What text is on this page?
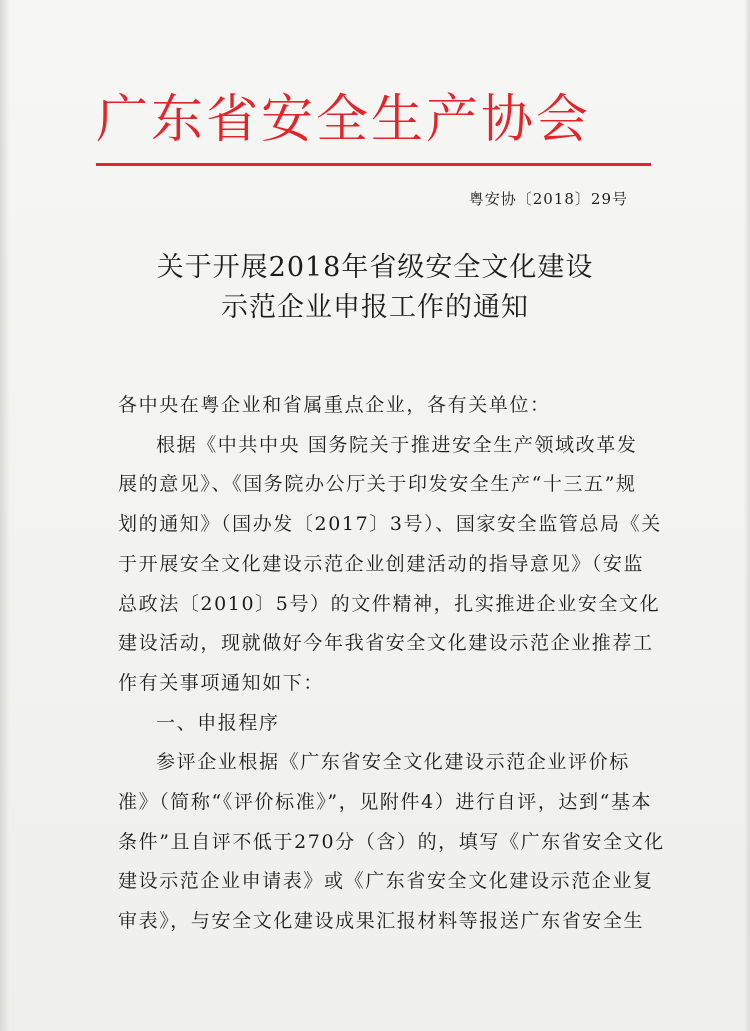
广东省安全生产协会
粤安协〔2018〕29号
关于开展2018年省级安全文化建设
示范企业申报工作的通知

各中央在粤企业和省属重点企业，各有关单位：

根据《中共中央 国务院关于推进安全生产领域改革发

展的意见》、《国务院办公厅关于印发安全生产“十三五”规

划的通知》（国办发〔2017〕3号）、国家安全监管总局《关

于开展安全文化建设示范企业创建活动的指导意见》（安监

总政法〔2010〕5号）的文件精神，扎实推进企业安全文化

建设活动，现就做好今年我省安全文化建设示范企业推荐工

作有关事项通知如下：

一、申报程序

参评企业根据《广东省安全文化建设示范企业评价标

准》（简称“《评价标准》”，见附件4）进行自评，达到“基本

条件”且自评不低于270分（含）的，填写《广东省安全文化

建设示范企业申请表》或《广东省安全文化建设示范企业复

审表》，与安全文化建设成果汇报材料等报送广东省安全生
